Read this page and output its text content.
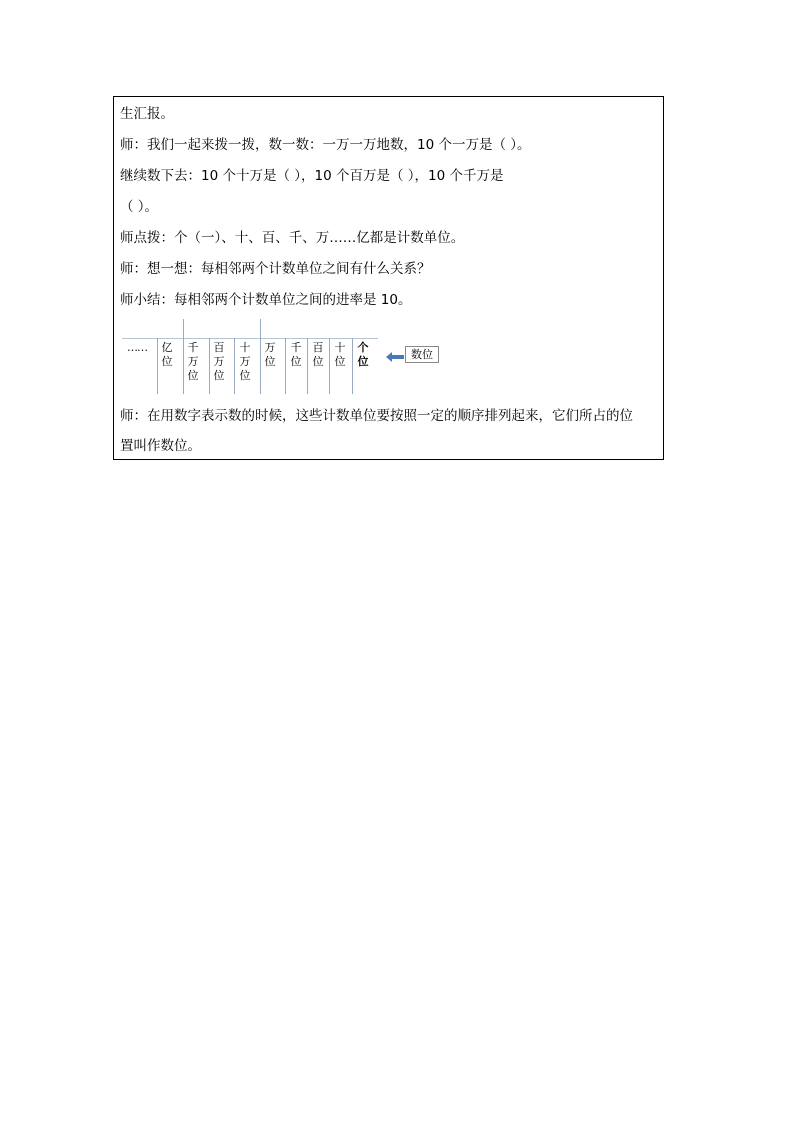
生汇报。
师：我们一起来拨一拨，数一数：一万一万地数，10 个一万是（ ）。
继续数下去：10 个十万是（ ），10 个百万是（ ），10 个千万是
（ ）。
师点拨：个（一）、十、百、千、万……亿都是计数单位。
师：想一想：每相邻两个计数单位之间有什么关系？
师小结：每相邻两个计数单位之间的进率是 10。
…… 亿位
千万位
百万位
十万位
万位
千位
百位
十位
个位
数位
师：在用数字表示数的时候，这些计数单位要按照一定的顺序排列起来，它们所占的位
置叫作数位。
